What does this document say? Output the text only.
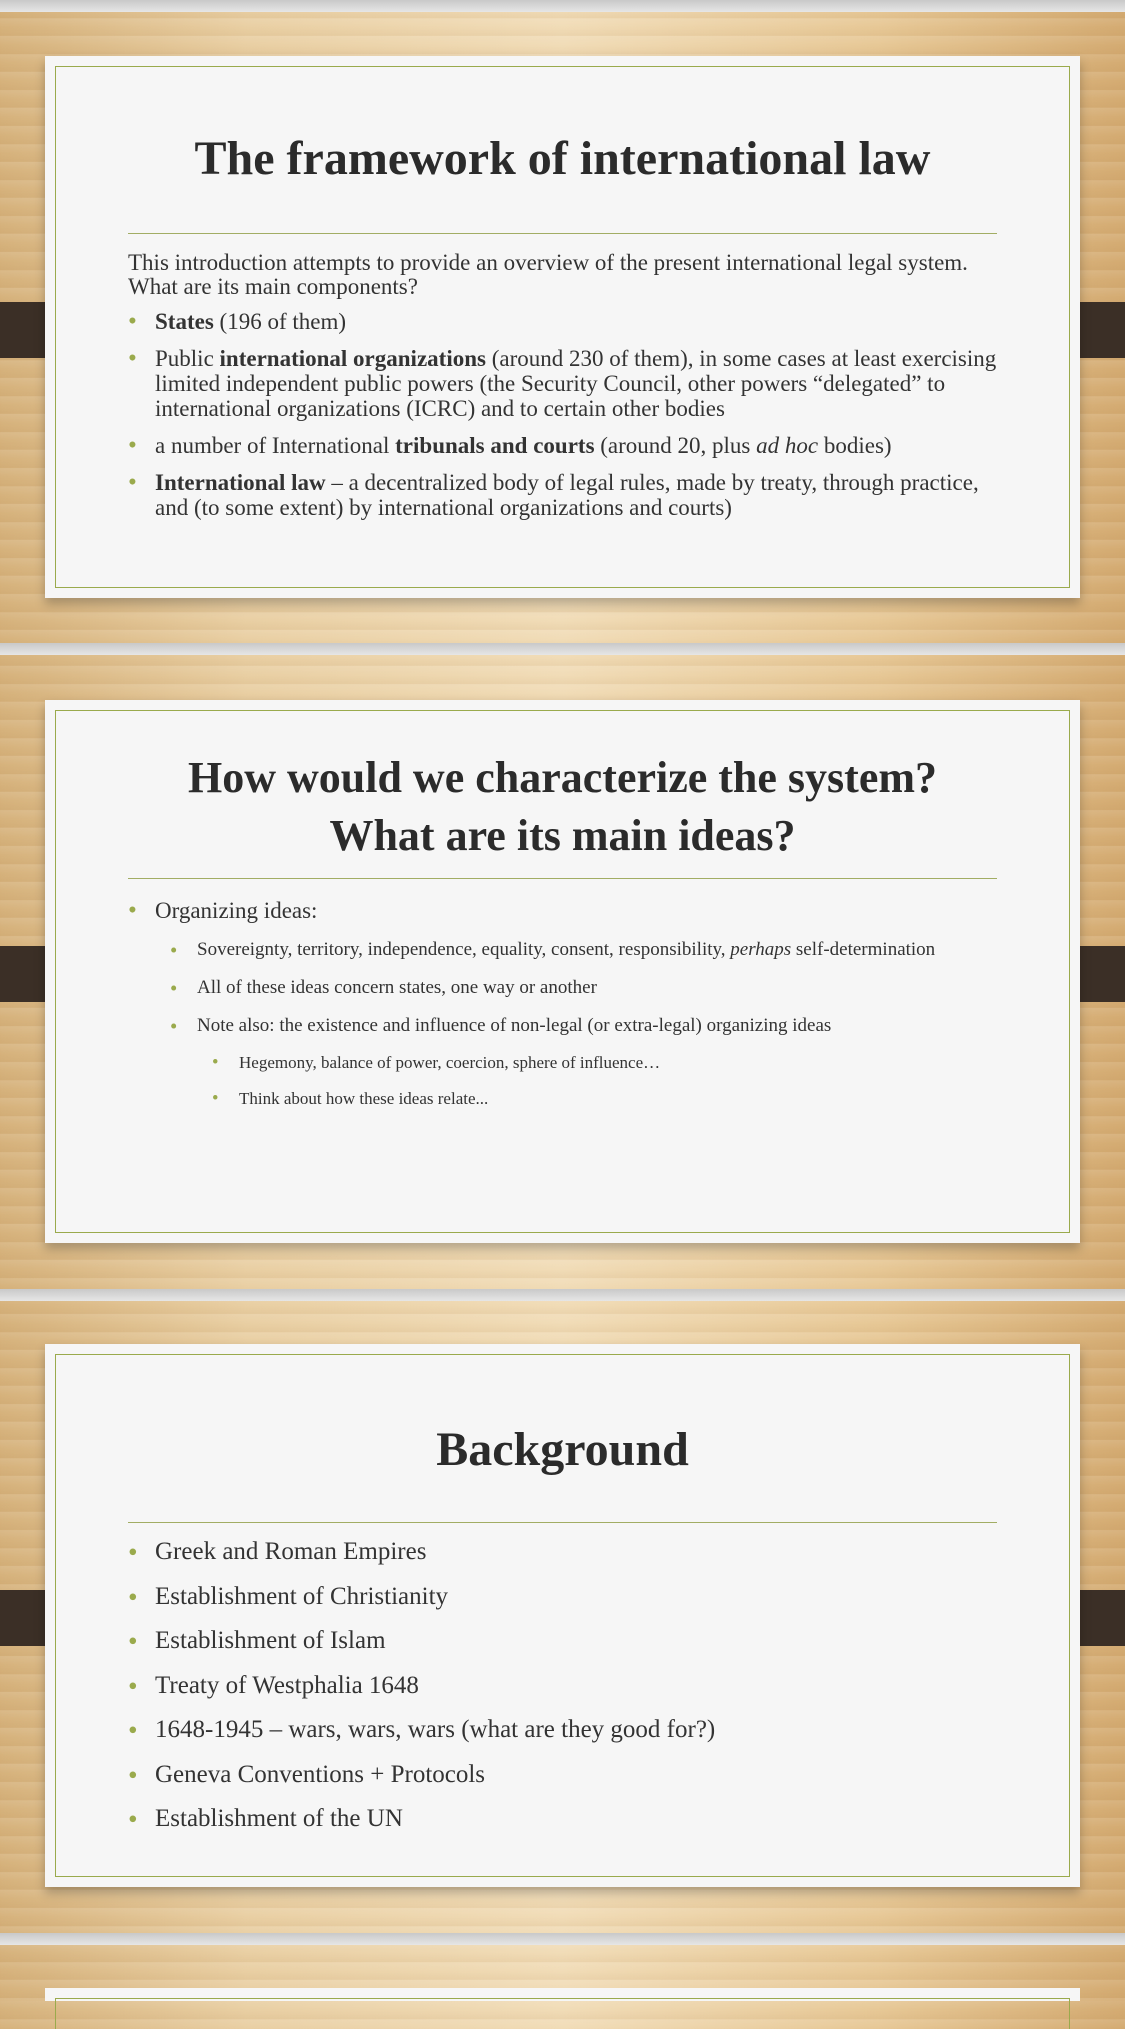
The framework of international law
This introduction attempts to provide an overview of the present international legal system. What are its main components?
• States (196 of them)
• Public international organizations (around 230 of them), in some cases at least exercising limited independent public powers (the Security Council, other powers “delegated” to international organizations (ICRC) and to certain other bodies
• a number of International tribunals and courts (around 20, plus ad hoc bodies)
• International law – a decentralized body of legal rules, made by treaty, through practice, and (to some extent) by international organizations and courts)
How would we characterize the system?
What are its main ideas?
• Organizing ideas:
• Sovereignty, territory, independence, equality, consent, responsibility, perhaps self-determination
• All of these ideas concern states, one way or another
• Note also: the existence and influence of non-legal (or extra-legal) organizing ideas
• Hegemony, balance of power, coercion, sphere of influence…
• Think about how these ideas relate...
Background
• Greek and Roman Empires
• Establishment of Christianity
• Establishment of Islam
• Treaty of Westphalia 1648
• 1648-1945 – wars, wars, wars (what are they good for?)
• Geneva Conventions + Protocols
• Establishment of the UN
